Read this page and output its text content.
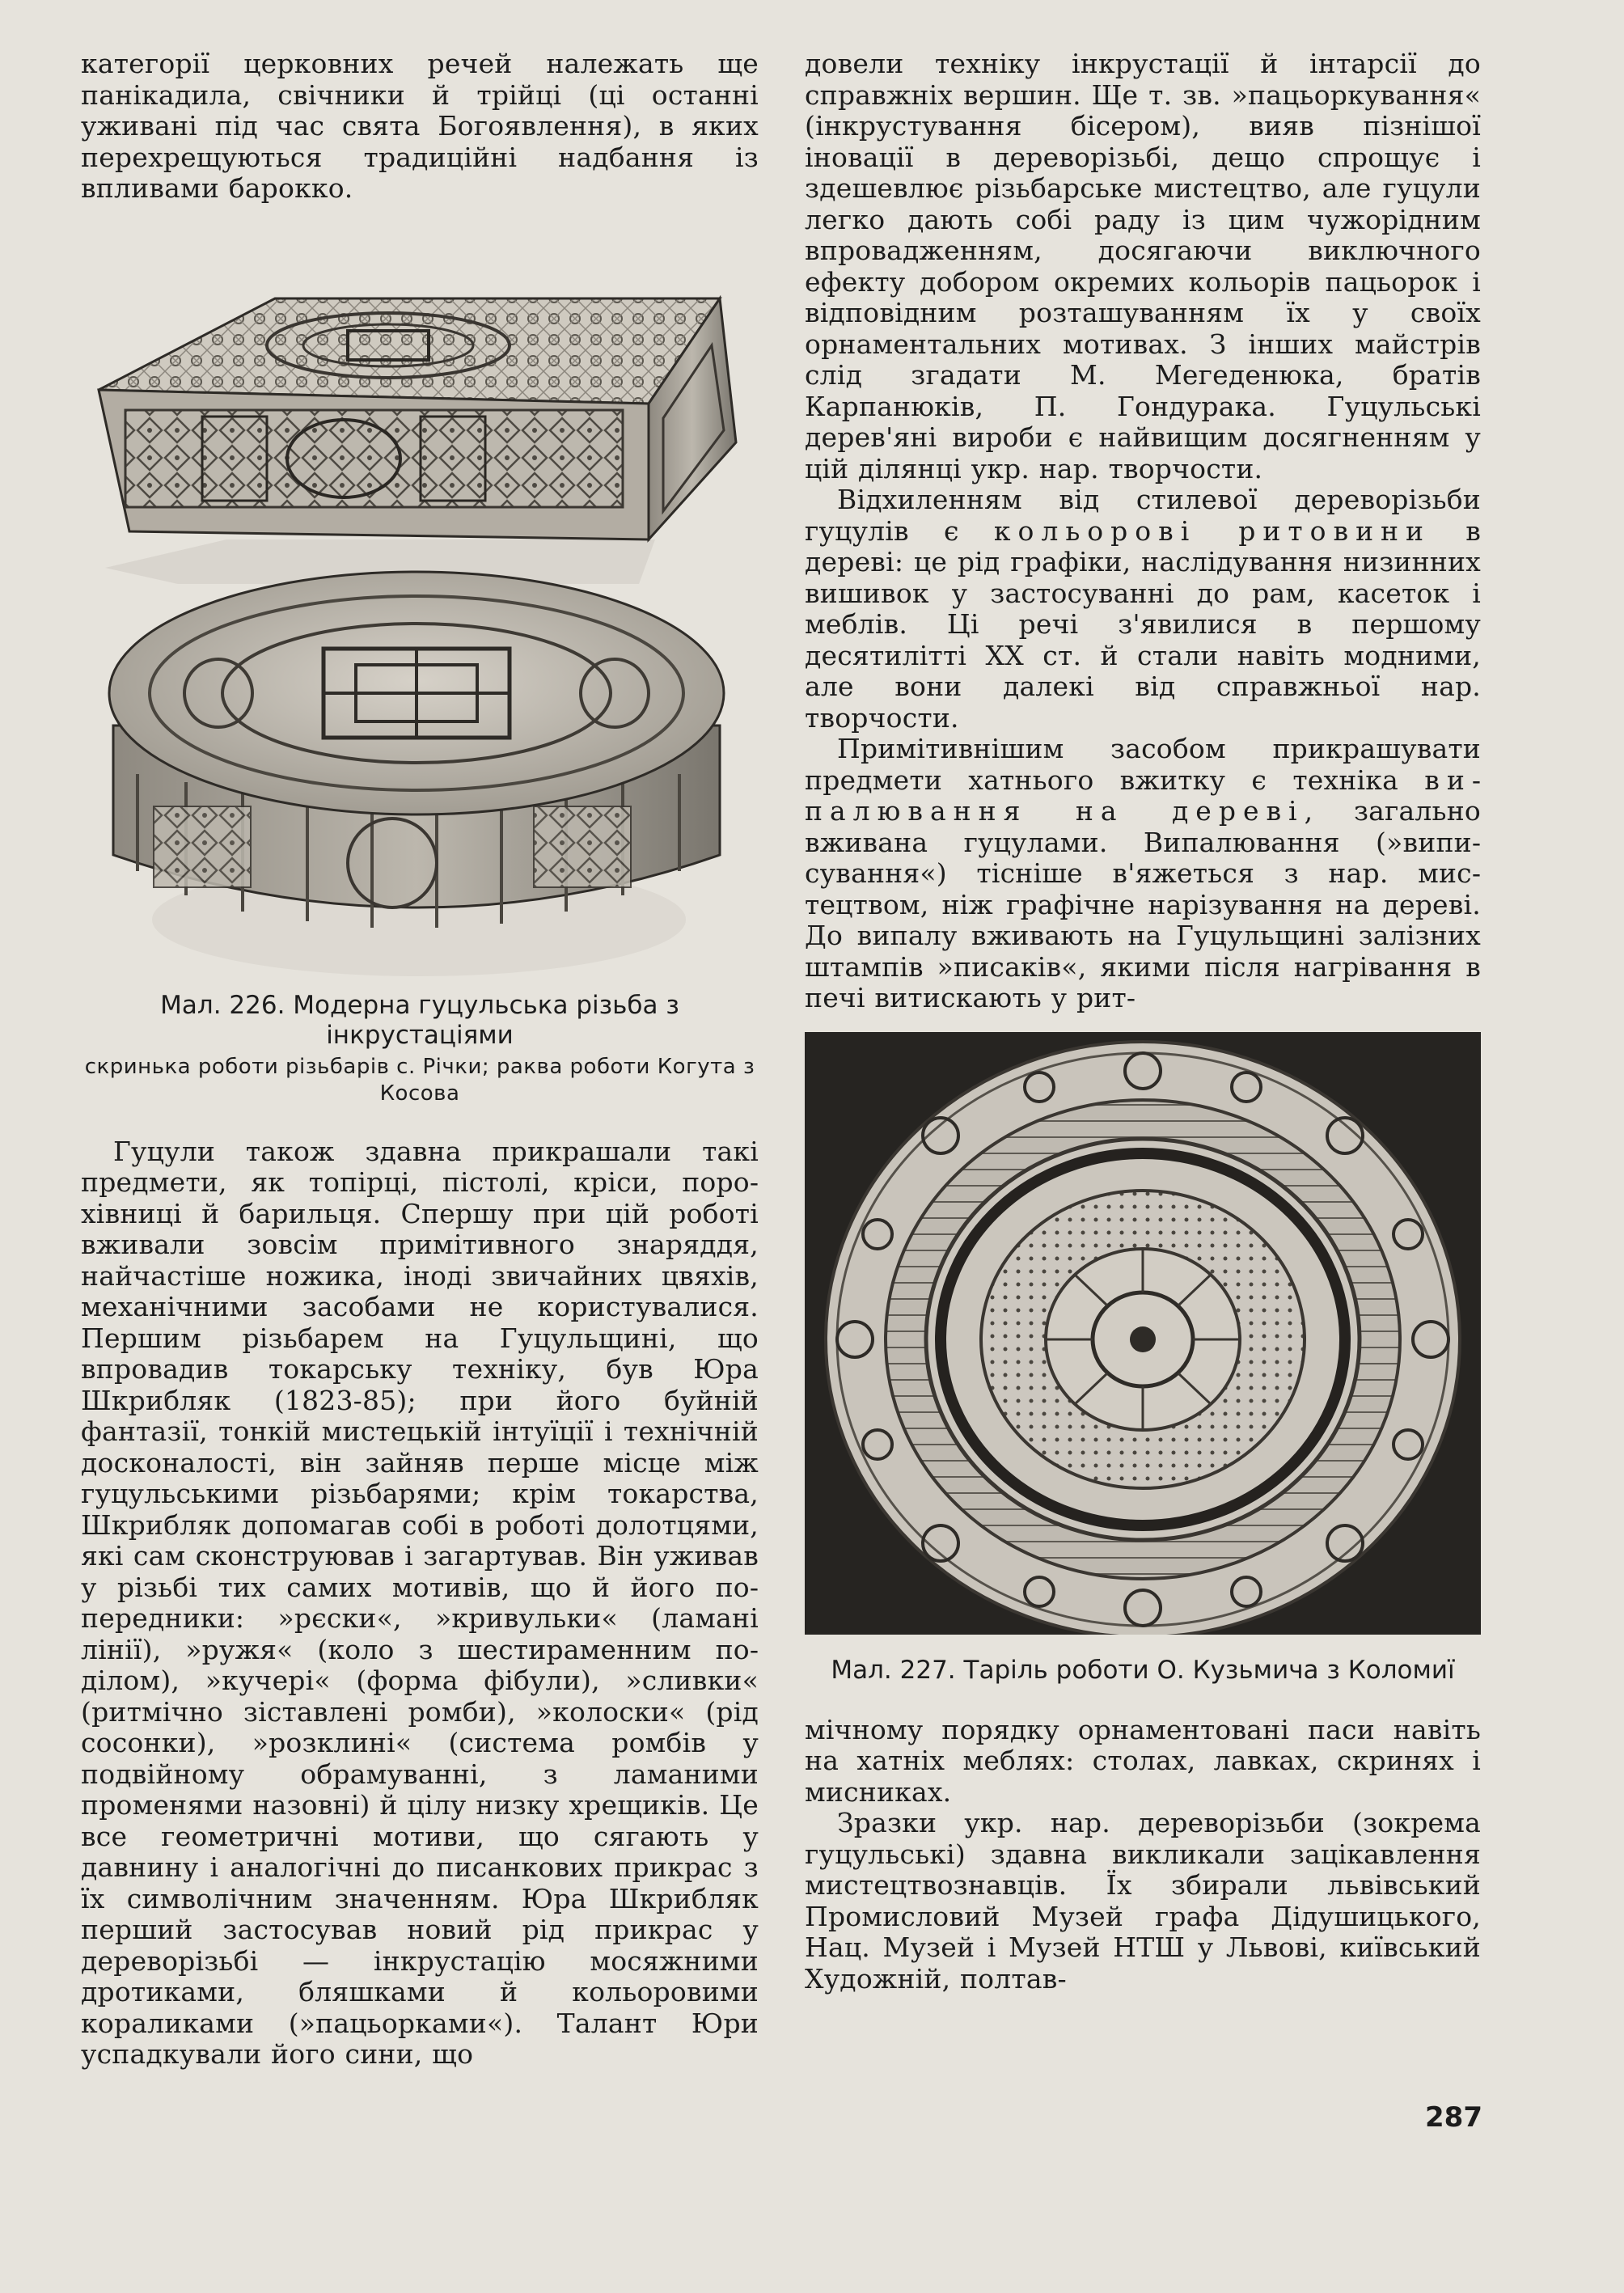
категорії церковних речей належать ще панікадила, свічники й трійці (ці останні уживані під час свята Богоявлення), в яких перехрещуються традиційні надбання із впливами барокко.

Мал. 226. Модерна гуцульська різьба з інкрустаціями

скринька роботи різьбарів с. Річки; раква роботи Когута з Косова

Гуцули також здавна прикрашали такі предмети, як топірці, пістолі, кріси, порохівниці й барильця. Спершу при цій роботі вживали зовсім примітивного знаряддя, найчастіше ножика, іноді звичайних цвяхів, механічними засобами не користувалися. Першим різьбарем на Гуцульщині, що впровадив токарську техніку, був Юра Шкрибляк (1823-85); при його буйній фантазії, тонкій мистецькій інтуїції і технічній досконалості, він зайняв перше місце між гуцульськими різьбарями; крім токарства, Шкрибляк допомагав собі в роботі долотцями, які сам сконструював і загартував. Він уживав у різьбі тих самих мотивів, що й його попередники: »рєски«, »кривульки« (ламані лінії), »ружя« (коло з шестираменним поділом), »кучері« (форма фібули), »сливки« (ритмічно зіставлені ромби), »колоски« (рід сосонки), »розклині« (система ромбів у подвійному обрамуванні, з ламаними променями назовні) й цілу низку хрещиків. Це все геометричні мотиви, що сягають у давнину і аналогічні до писанкових прикрас з їх символічним значенням. Юра Шкрибляк перший застосував новий рід прикрас у деревoрізьбі — інкрустацію мосяжними дротиками, бляшками й кольоровими кораликами (»пацьорками«). Талант Юри успадкували його сини, що

довели техніку інкрустації й інтарсії до справжніх вершин. Ще т. зв. »пацьоркування« (інкрустування бісером), вияв пізнішої іновації в деревoрізьбі, дещо спрощує і здешевлює різьбарське мистецтво, але гуцули легко дають собі раду із цим чужорідним впровадженням, досягаючи виключного ефекту добором окремих кольорів пацьорок і відповідним розташуванням їх у своїх орнаментальних мотивах. З інших майстрів слід згадати М. Мегеденюка, братів Карпанюків, П. Гондурака. Гуцульські дерев'яні вироби є найвищим досягненням у цій ділянці укр. нар. творчости.

Відхиленням від стилевої деревoрізьби гуцулів є кольорові ритовини в дереві: це рід графіки, наслідування низинних вишивок у застосуванні до рам, касеток і меблів. Ці речі з'явилися в першому десятилітті XX ст. й стали навіть модними, але вони далекі від справжньої нар. творчости.

Примітивнішим засобом прикрашувати предмети хатнього вжитку є техніка випалювання на дереві, загально вживана гуцулами. Випалювання (»виписування«) тісніше в'яжеться з нар. мистецтвом, ніж графічне нарізування на дереві. До випалу вживають на Гуцульщині залізних штампів »писаків«, якими після нагрівання в печі витискають у рит-

Мал. 227. Таріль роботи О. Кузьмича з Коломиї

мічному порядку орнаментовані паси навіть на хатніх меблях: столах, лавках, скринях і мисниках.

Зразки укр. нар. деревoрізьби (зокрема гуцульські) здавна викликали зацікавлення мистецтвознавців. Їх збирали львівський Промисловий Музей графа Дідушицького, Нац. Музей і Музей НТШ у Львові, київський Художній, полтав-

287
